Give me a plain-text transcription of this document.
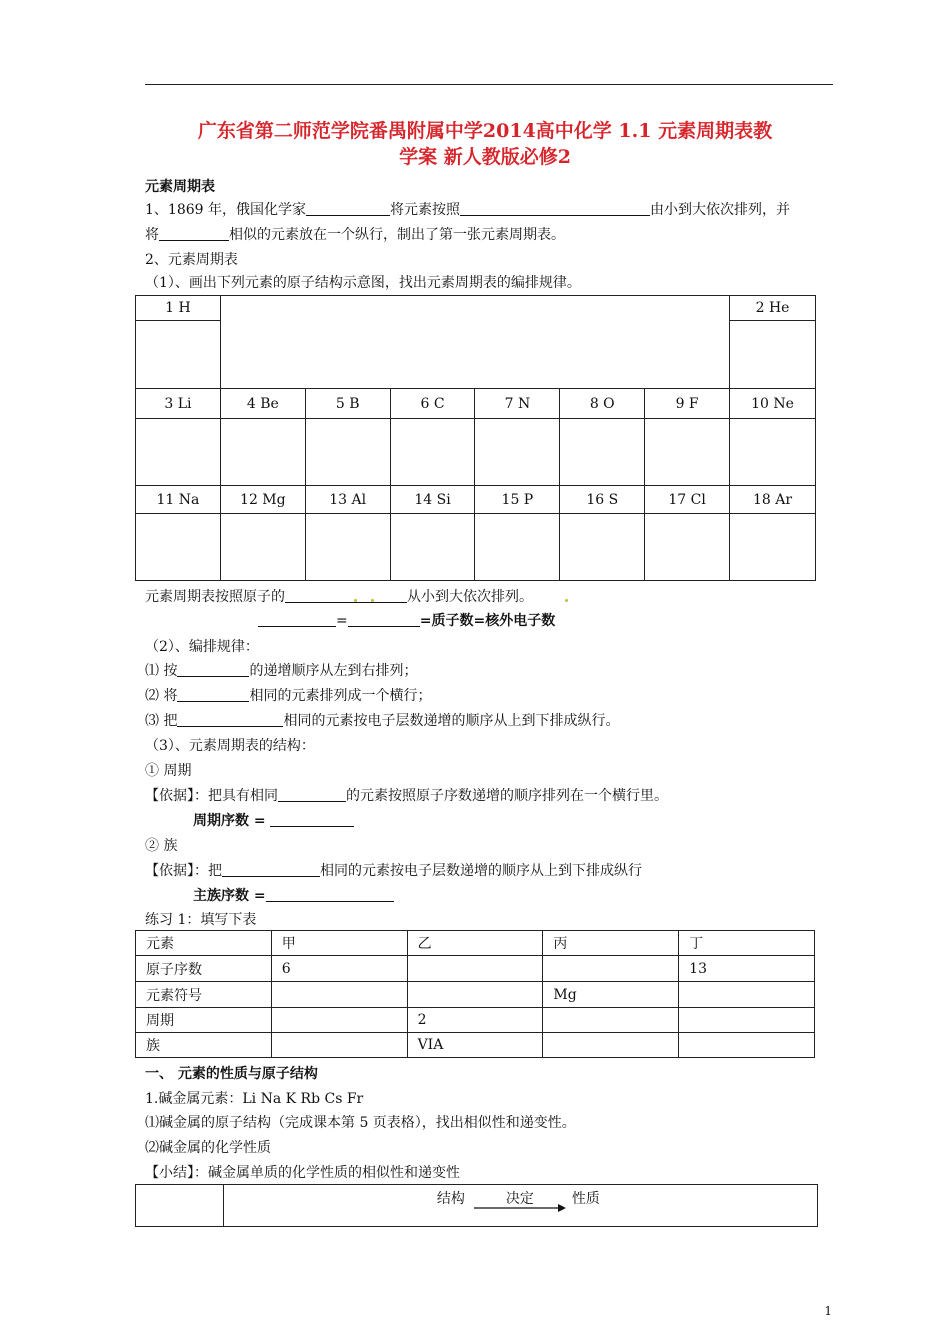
广东省第二师范学院番禺附属中学2014高中化学 1.1 元素周期表教
学案 新人教版必修2
元素周期表
1、1869 年，俄国化学家	将元素按照	由小到大依次排列，并
将	相似的元素放在一个纵行，制出了第一张元素周期表。
2、元素周期表
（1）、画出下列元素的原子结构示意图，找出元素周期表的编排规律。
1 H							2 He

3 Li	4 Be	5 B	6 C	7 N	8 O	9 F	10 Ne

11 Na	12 Mg	13 Al	14 Si	15 P	16 S	17 Cl	18 Ar

元素周期表按照原子的	从小到大依次排列。
=	=质子数=核外电子数
（2）、编排规律：
⑴ 按	的递增顺序从左到右排列；
⑵ 将	相同的元素排列成一个横行；
⑶ 把	相同的元素按电子层数递增的顺序从上到下排成纵行。
（3）、元素周期表的结构：
① 周期
【依据】：把具有相同	的元素按照原子序数递增的顺序排列在一个横行里。
周期序数 =
② 族
【依据】：把	相同的元素按电子层数递增的顺序从上到下排成纵行
主族序数 =
练习 1：填写下表
元素	甲	乙	丙	丁
原子序数	6			13
元素符号			Mg	
周期		2		
族		VIA		
一、 元素的性质与原子结构
1.碱金属元素：Li Na K Rb Cs Fr
⑴碱金属的原子结构（完成课本第 5 页表格），找出相似性和递变性。
⑵碱金属的化学性质
【小结】：碱金属单质的化学性质的相似性和递变性

结构	决定	性质
1
